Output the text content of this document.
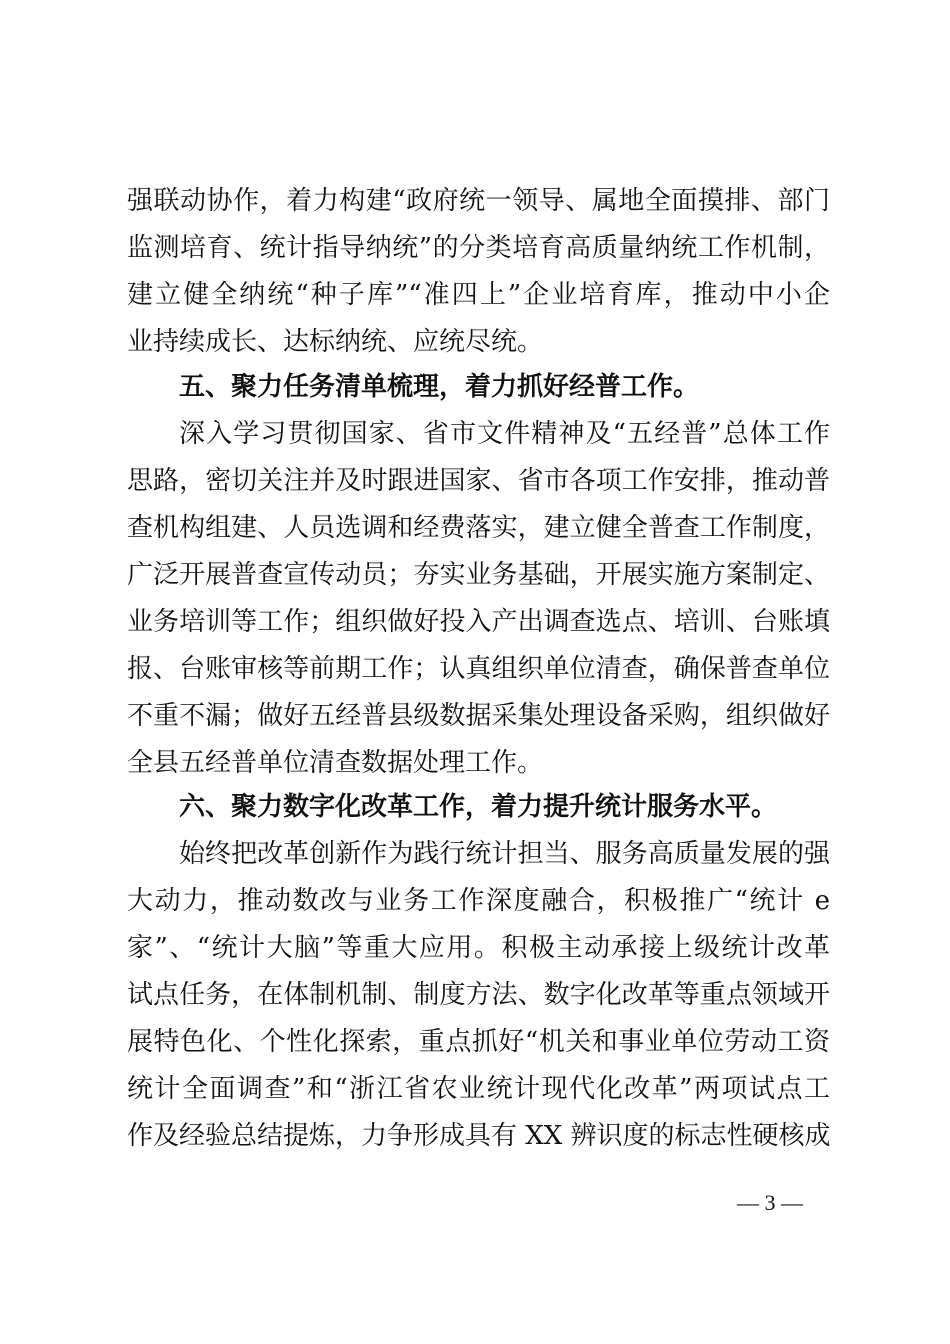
强联动协作，着力构建“政府统一领导、属地全面摸排、部门
监测培育、统计指导纳统”的分类培育高质量纳统工作机制，
建立健全纳统“种子库”“准四上”企业培育库，推动中小企
业持续成长、达标纳统、应统尽统。
五、聚力任务清单梳理，着力抓好经普工作。
深入学习贯彻国家、省市文件精神及“五经普”总体工作
思路，密切关注并及时跟进国家、省市各项工作安排，推动普
查机构组建、人员选调和经费落实，建立健全普查工作制度，
广泛开展普查宣传动员；夯实业务基础，开展实施方案制定、
业务培训等工作；组织做好投入产出调查选点、培训、台账填
报、台账审核等前期工作；认真组织单位清查，确保普查单位
不重不漏；做好五经普县级数据采集处理设备采购，组织做好
全县五经普单位清查数据处理工作。
六、聚力数字化改革工作，着力提升统计服务水平。
始终把改革创新作为践行统计担当、服务高质量发展的强
大动力，推动数改与业务工作深度融合，积极推广“统计 e
家”、“统计大脑”等重大应用。积极主动承接上级统计改革
试点任务，在体制机制、制度方法、数字化改革等重点领域开
展特色化、个性化探索，重点抓好“机关和事业单位劳动工资
统计全面调查”和“浙江省农业统计现代化改革”两项试点工
作及经验总结提炼，力争形成具有 XX 辨识度的标志性硬核成
— 3 —
